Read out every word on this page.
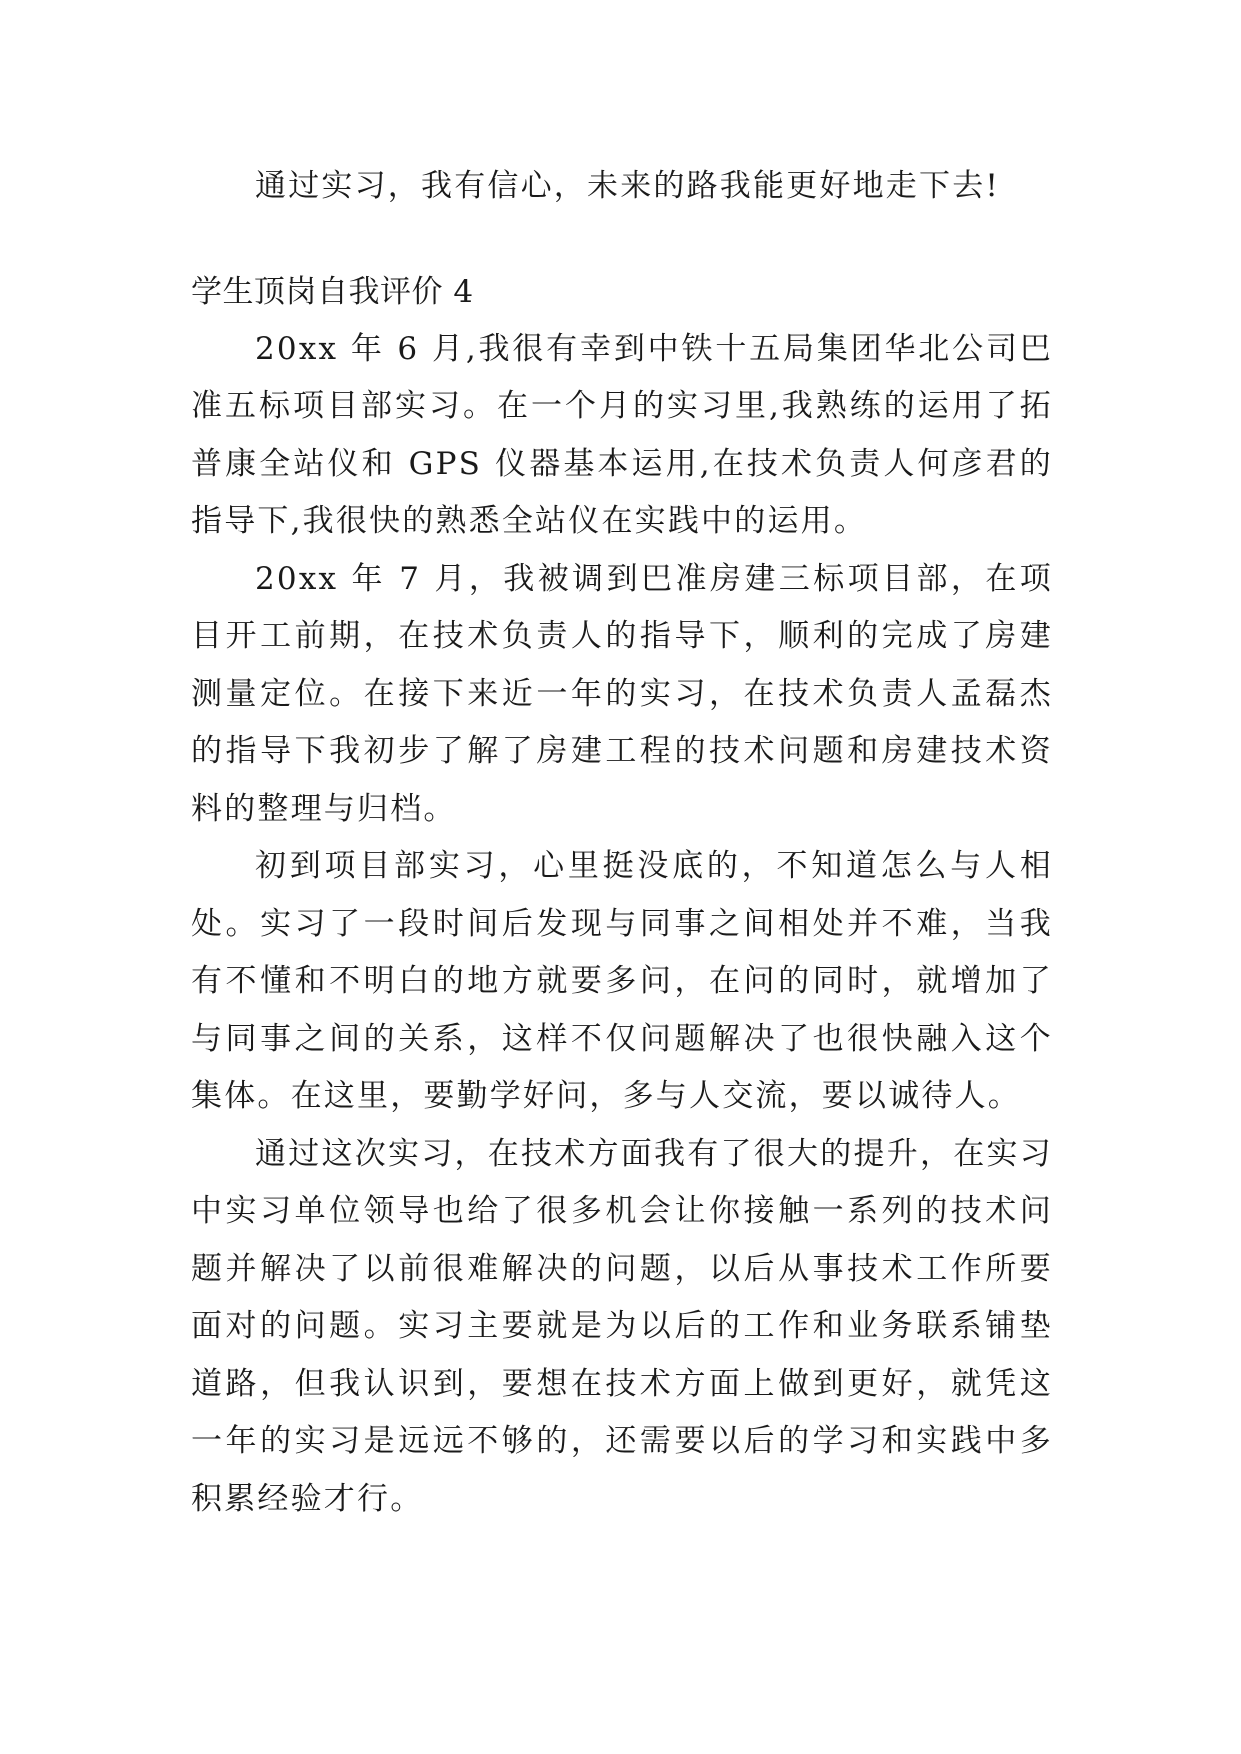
通过实习，我有信心，未来的路我能更好地走下去!

学生顶岗自我评价 4

20xx 年 6 月,我很有幸到中铁十五局集团华北公司巴准五标项目部实习。在一个月的实习里,我熟练的运用了拓普康全站仪和 GPS 仪器基本运用,在技术负责人何彦君的指导下,我很快的熟悉全站仪在实践中的运用。

20xx 年 7 月，我被调到巴准房建三标项目部，在项目开工前期，在技术负责人的指导下，顺利的完成了房建测量定位。在接下来近一年的实习，在技术负责人孟磊杰的指导下我初步了解了房建工程的技术问题和房建技术资料的整理与归档。

初到项目部实习，心里挺没底的，不知道怎么与人相处。实习了一段时间后发现与同事之间相处并不难，当我有不懂和不明白的地方就要多问，在问的同时，就增加了与同事之间的关系，这样不仅问题解决了也很快融入这个集体。在这里，要勤学好问，多与人交流，要以诚待人。

通过这次实习，在技术方面我有了很大的提升，在实习中实习单位领导也给了很多机会让你接触一系列的技术问题并解决了以前很难解决的问题，以后从事技术工作所要面对的问题。实习主要就是为以后的工作和业务联系铺垫道路，但我认识到，要想在技术方面上做到更好，就凭这一年的实习是远远不够的，还需要以后的学习和实践中多积累经验才行。
